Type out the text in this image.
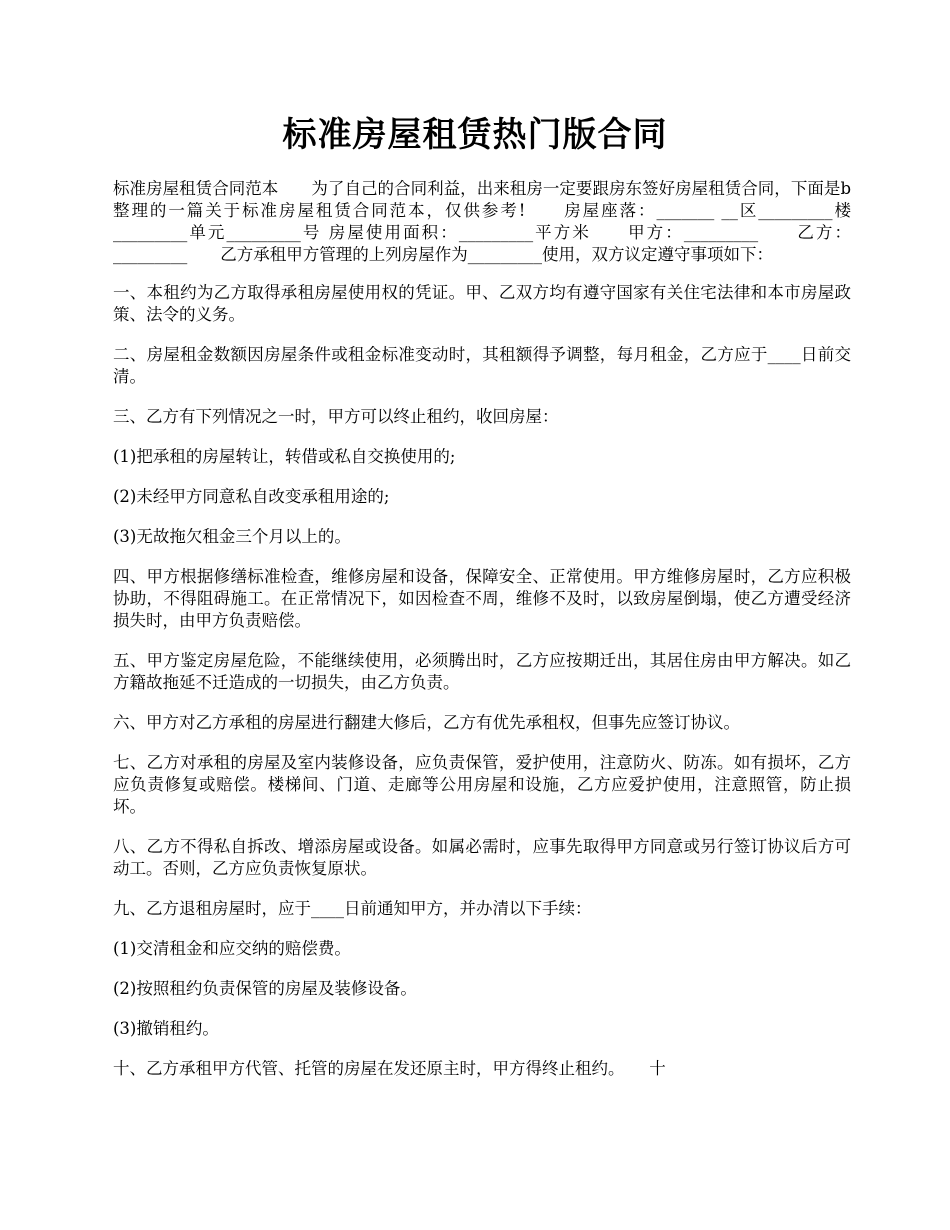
标准房屋租赁热门版合同

标准房屋租赁合同范本　　为了自己的合同利益，出来租房一定要跟房东签好房屋租赁合同，下面是b整理的一篇关于标准房屋租赁合同范本，仅供参考!　　房屋座落：_______ __区_________楼_________单元_________号 房屋使用面积：_________平方米　　甲方：_________　　乙方：_________　　乙方承租甲方管理的上列房屋作为_________使用，双方议定遵守事项如下：

一、本租约为乙方取得承租房屋使用权的凭证。甲、乙双方均有遵守国家有关住宅法律和本市房屋政策、法令的义务。

二、房屋租金数额因房屋条件或租金标准变动时，其租额得予调整，每月租金，乙方应于____日前交清。

三、乙方有下列情况之一时，甲方可以终止租约，收回房屋：

(1)把承租的房屋转让，转借或私自交换使用的;

(2)未经甲方同意私自改变承租用途的;

(3)无故拖欠租金三个月以上的。

四、甲方根据修缮标准检查，维修房屋和设备，保障安全、正常使用。甲方维修房屋时，乙方应积极协助，不得阻碍施工。在正常情况下，如因检查不周，维修不及时，以致房屋倒塌，使乙方遭受经济损失时，由甲方负责赔偿。

五、甲方鉴定房屋危险，不能继续使用，必须腾出时，乙方应按期迁出，其居住房由甲方解决。如乙方籍故拖延不迁造成的一切损失，由乙方负责。

六、甲方对乙方承租的房屋进行翻建大修后，乙方有优先承租权，但事先应签订协议。

七、乙方对承租的房屋及室内装修设备，应负责保管，爱护使用，注意防火、防冻。如有损坏，乙方应负责修复或赔偿。楼梯间、门道、走廊等公用房屋和设施，乙方应爱护使用，注意照管，防止损坏。

八、乙方不得私自拆改、增添房屋或设备。如属必需时，应事先取得甲方同意或另行签订协议后方可动工。否则，乙方应负责恢复原状。

九、乙方退租房屋时，应于____日前通知甲方，并办清以下手续：

(1)交清租金和应交纳的赔偿费。

(2)按照租约负责保管的房屋及装修设备。

(3)撤销租约。

十、乙方承租甲方代管、托管的房屋在发还原主时，甲方得终止租约。　　十
